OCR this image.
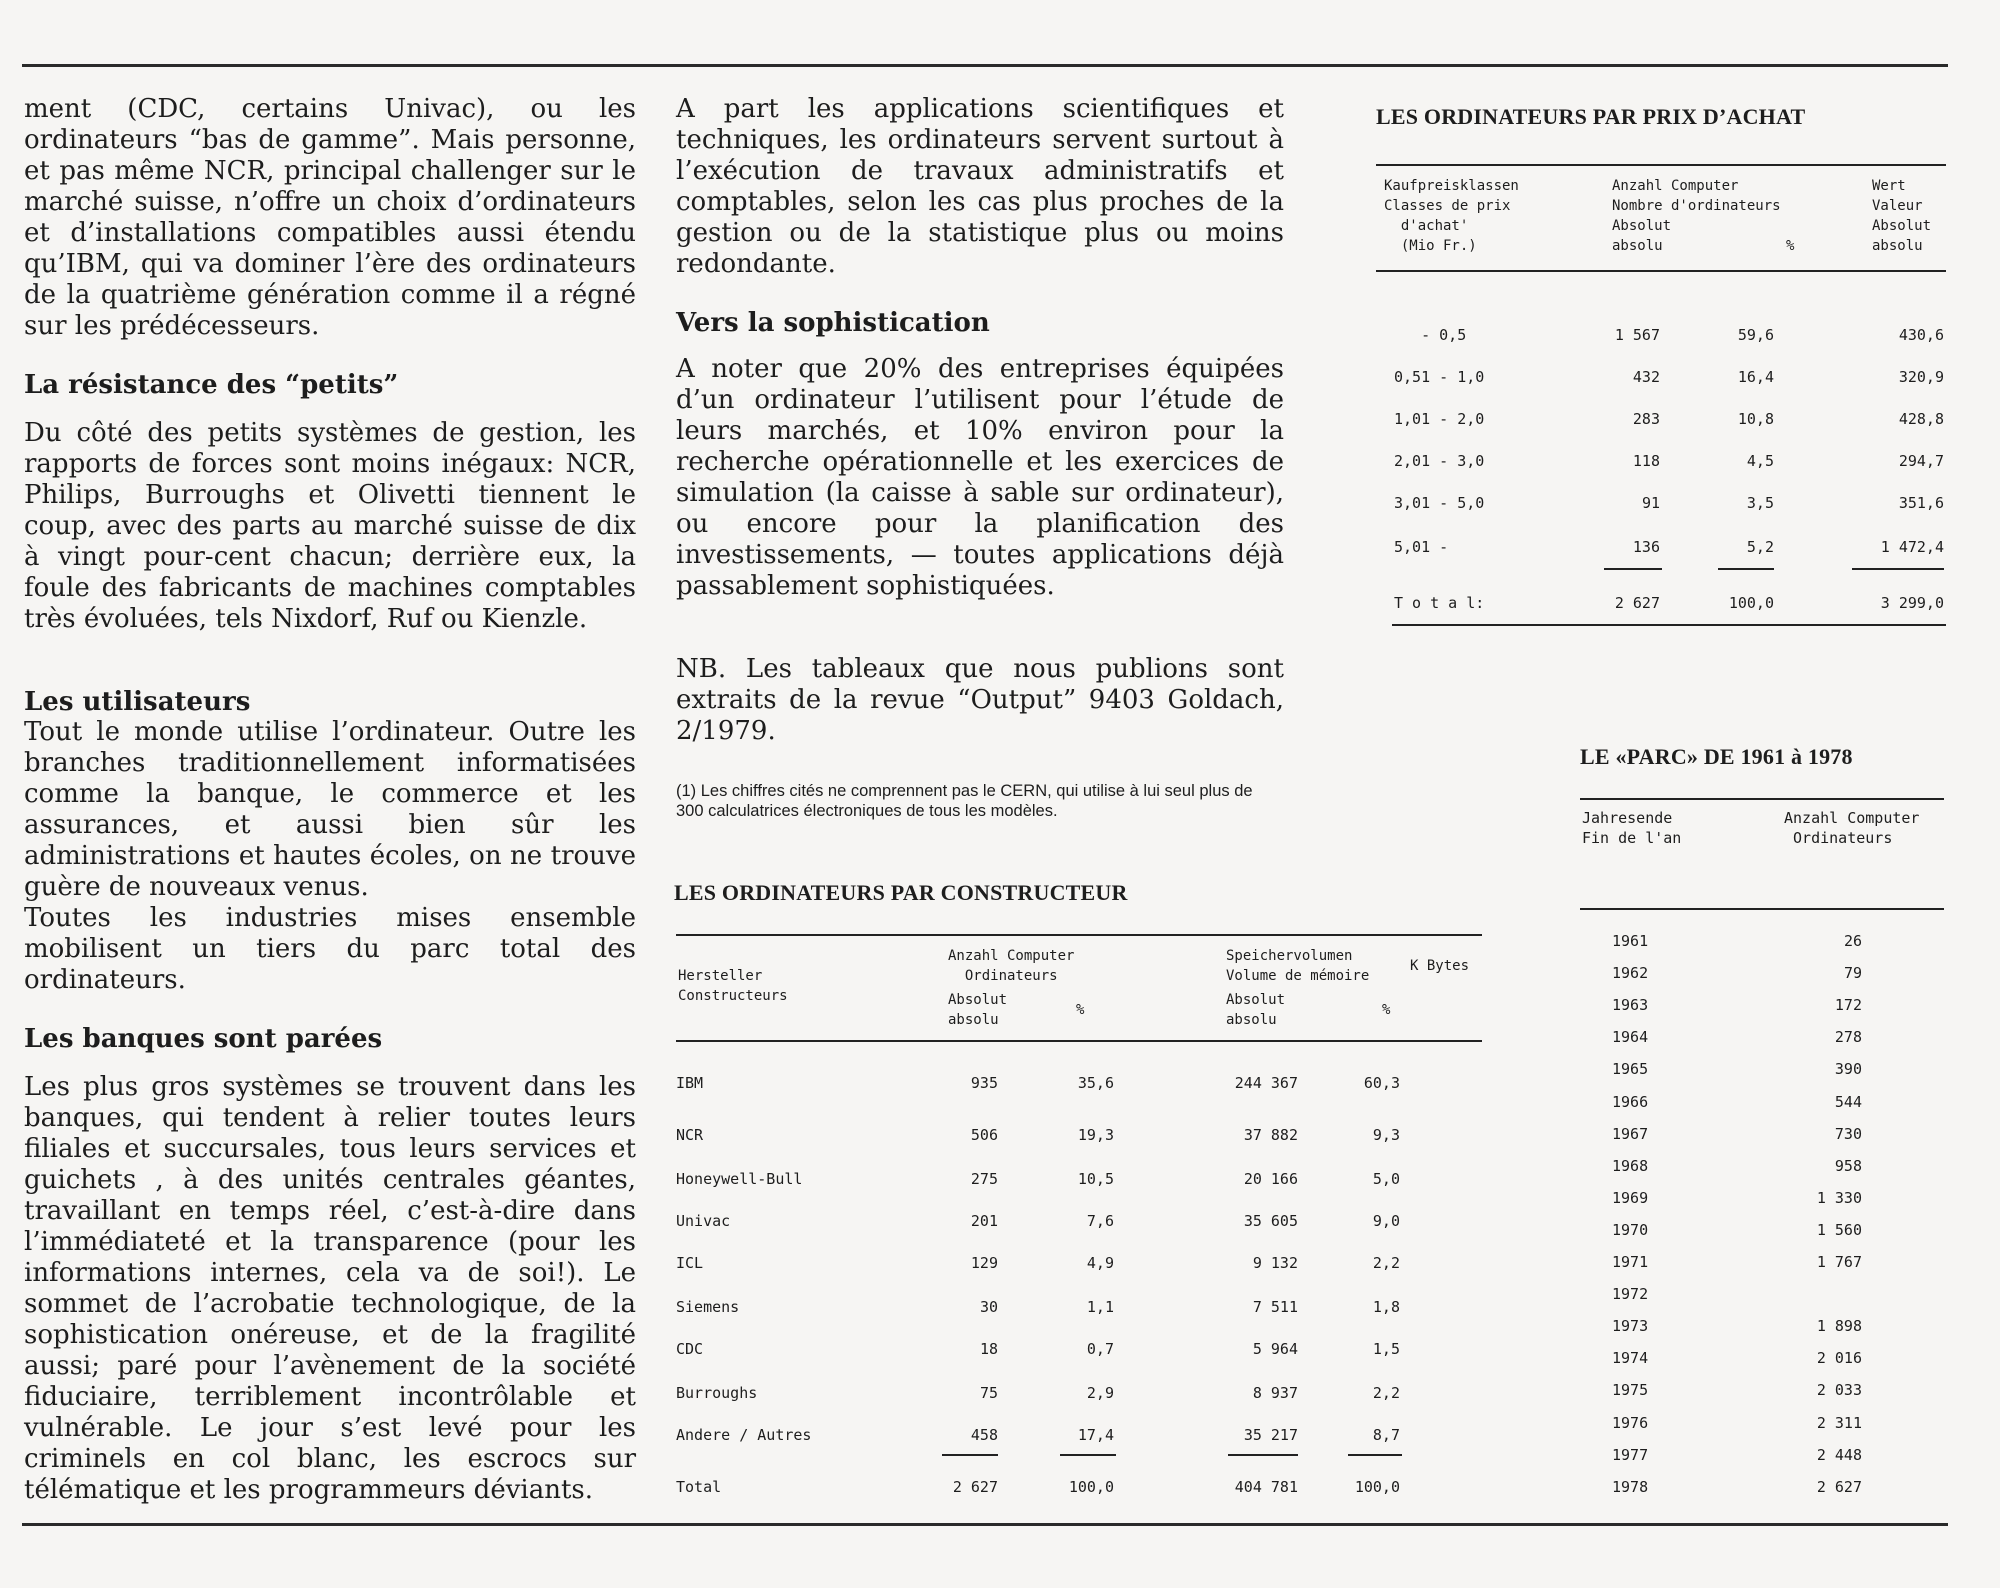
ment (CDC, certains Univac), ou les ordinateurs “bas de gamme”. Mais personne, et pas même NCR, principal challenger sur le marché suisse, n’offre un choix d’ordinateurs et d’installations compatibles aussi étendu qu’IBM, qui va dominer l’ère des ordinateurs de la quatrième génération comme il a régné sur les prédécesseurs.

La résistance des “petits”

Du côté des petits systèmes de gestion, les rapports de forces sont moins inégaux: NCR, Philips, Burroughs et Olivetti tiennent le coup, avec des parts au marché suisse de dix à vingt pour-cent chacun; derrière eux, la foule des fabricants de machines comptables très évoluées, tels Nixdorf, Ruf ou Kienzle.

Les utilisateurs

Tout le monde utilise l’ordinateur. Outre les branches traditionnellement informatisées comme la banque, le commerce et les assurances, et aussi bien sûr les administrations et hautes écoles, on ne trouve guère de nouveaux venus.

Toutes les industries mises ensemble mobilisent un tiers du parc total des ordinateurs.

Les banques sont parées

Les plus gros systèmes se trouvent dans les banques, qui tendent à relier toutes leurs filiales et succursales, tous leurs services et guichets , à des unités centrales géantes, travaillant en temps réel, c’est-à-dire dans l’immédiateté et la transparence (pour les informations internes, cela va de soi!). Le sommet de l’acrobatie technologique, de la sophistication onéreuse, et de la fragilité aussi; paré pour l’avènement de la société fiduciaire, terriblement incontrôlable et vulnérable. Le jour s’est levé pour les criminels en col blanc, les escrocs sur télématique et les programmeurs déviants.

A part les applications scientifiques et techniques, les ordinateurs servent surtout à l’exécution de travaux administratifs et comptables, selon les cas plus proches de la gestion ou de la statistique plus ou moins redondante.

Vers la sophistication

A noter que 20% des entreprises équipées d’un ordinateur l’utilisent pour l’étude de leurs marchés, et 10% environ pour la recherche opérationnelle et les exercices de simulation (la caisse à sable sur ordinateur), ou encore pour la planification des investissements, — toutes applications déjà passablement sophistiquées.

NB. Les tableaux que nous publions sont extraits de la revue “Output” 9403 Goldach, 2/1979.

(1) Les chiffres cités ne comprennent pas le CERN, qui utilise à lui seul plus de 300 calculatrices électroniques de tous les modèles.

LES ORDINATEURS PAR PRIX D’ACHAT
Kaufpreisklassen
Classes de prix
d'achat'
(Mio Fr.)
Anzahl Computer
Nombre d'ordinateurs
Absolut
absolu	%
Wert
Valeur
Absolut
absolu
- 0,5	1 567	59,6	430,6
0,51 - 1,0	432	16,4	320,9
1,01 - 2,0	283	10,8	428,8
2,01 - 3,0	118	4,5	294,7
3,01 - 5,0	91	3,5	351,6
5,01 -	136	5,2	1 472,4
T o t a l:	2 627	100,0	3 299,0
LE «PARC» DE 1961 à 1978
Jahresende
Fin de l'an
Anzahl Computer
Ordinateurs
1961	26
1962	79
1963	172
1964	278
1965	390
1966	544
1967	730
1968	958
1969	1 330
1970	1 560
1971	1 767
1972
1973	1 898
1974	2 016
1975	2 033
1976	2 311
1977	2 448
1978	2 627
LES ORDINATEURS PAR CONSTRUCTEUR
Hersteller
Constructeurs
Anzahl Computer
Ordinateurs
Absolut
absolu
%
Speichervolumen
Volume de mémoire
K Bytes
Absolut
absolu
%
IBM	935	35,6	244 367	60,3
NCR	506	19,3	37 882	9,3
Honeywell-Bull	275	10,5	20 166	5,0
Univac	201	7,6	35 605	9,0
ICL	129	4,9	9 132	2,2
Siemens	30	1,1	7 511	1,8
CDC	18	0,7	5 964	1,5
Burroughs	75	2,9	8 937	2,2
Andere / Autres	458	17,4	35 217	8,7
Total	2 627	100,0	404 781	100,0
